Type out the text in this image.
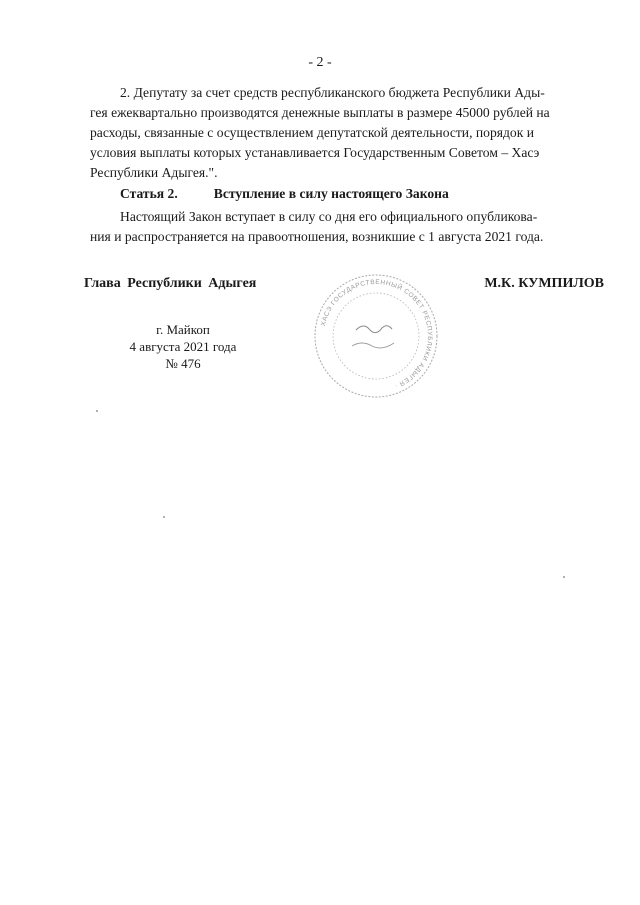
- 2 -
2. Депутату за счет средств республиканского бюджета Республики Ады-
гея ежеквартально производятся денежные выплаты в размере 45000 рублей на
расходы, связанные с осуществлением депутатской деятельности, порядок и
условия выплаты которых устанавливается Государственным Советом – Хасэ
Республики Адыгея.".
Статья 2.	Вступление в силу настоящего Закона
Настоящий Закон вступает в силу со дня его официального опубликова-
ния и распространяется на правоотношения, возникшие с 1 августа 2021 года.
Глава Республики Адыгея	М.К. КУМПИЛОВ
г. Майкоп
4 августа 2021 года
№ 476
ХАСЭ ГОСУДАРСТВЕННЫЙ СОВЕТ РЕСПУБЛИКИ АДЫГЕЯ ·
